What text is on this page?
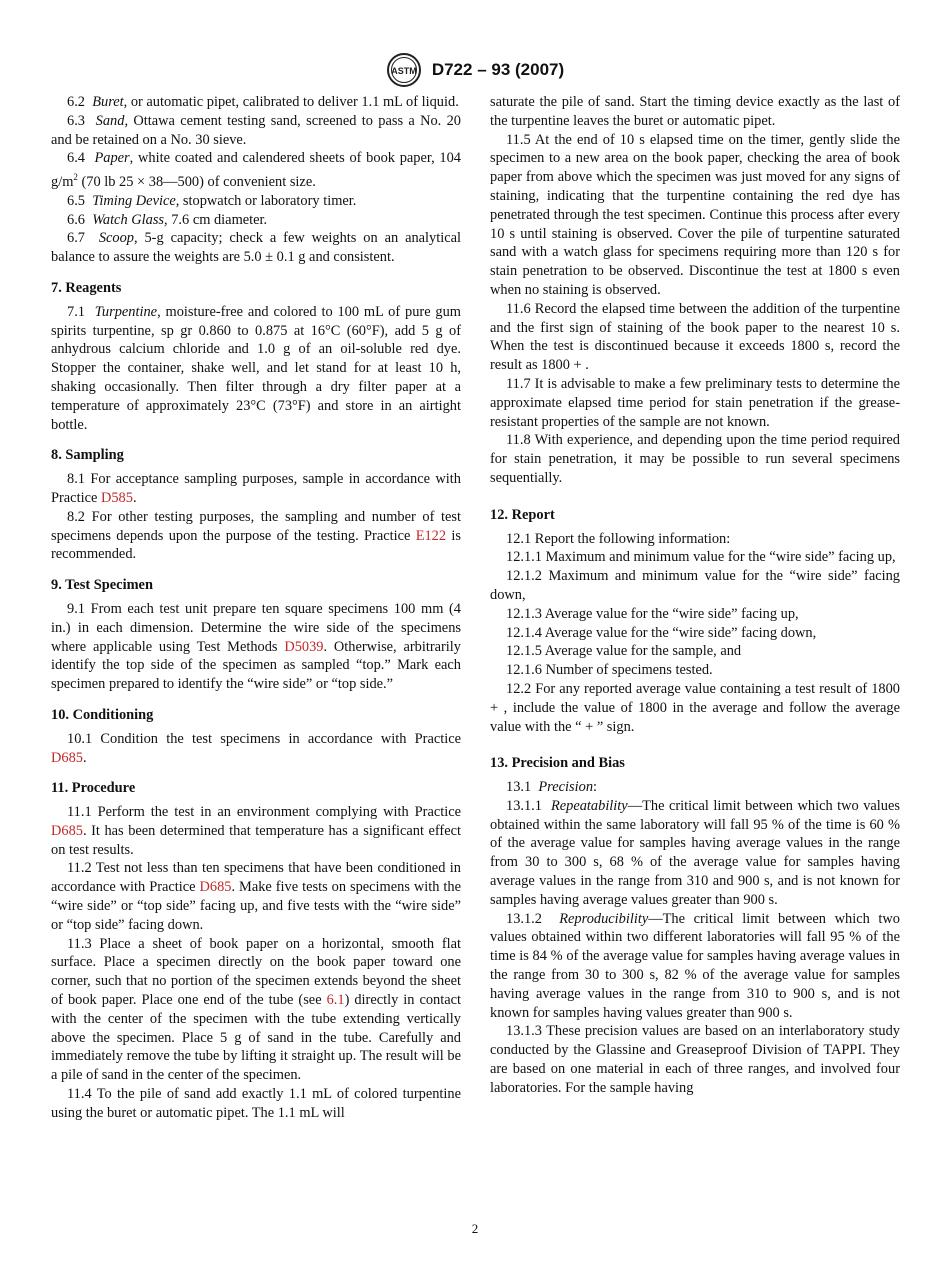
ASTM D722 – 93 (2007)

6.2 Buret, or automatic pipet, calibrated to deliver 1.1 mL of liquid.

6.3 Sand, Ottawa cement testing sand, screened to pass a No. 20 and be retained on a No. 30 sieve.

6.4 Paper, white coated and calendered sheets of book paper, 104 $g/m^2$ (70 lb 25 × 38—500) of convenient size.

6.5 Timing Device, stopwatch or laboratory timer.

6.6 Watch Glass, 7.6 cm diameter.

6.7 Scoop, 5-g capacity; check a few weights on an analytical balance to assure the weights are 5.0 ± 0.1 g and consistent.

7. Reagents

7.1 Turpentine, moisture-free and colored to 100 mL of pure gum spirits turpentine, sp gr 0.860 to 0.875 at 16°C (60°F), add 5 g of anhydrous calcium chloride and 1.0 g of an oil-soluble red dye. Stopper the container, shake well, and let stand for at least 10 h, shaking occasionally. Then filter through a dry filter paper at a temperature of approximately 23°C (73°F) and store in an airtight bottle.

8. Sampling

8.1 For acceptance sampling purposes, sample in accordance with Practice D585.

8.2 For other testing purposes, the sampling and number of test specimens depends upon the purpose of the testing. Practice E122 is recommended.

9. Test Specimen

9.1 From each test unit prepare ten square specimens 100 mm (4 in.) in each dimension. Determine the wire side of the specimens where applicable using Test Methods D5039. Otherwise, arbitrarily identify the top side of the specimen as sampled “top.” Mark each specimen prepared to identify the “wire side” or “top side.”

10. Conditioning

10.1 Condition the test specimens in accordance with Practice D685.

11. Procedure

11.1 Perform the test in an environment complying with Practice D685. It has been determined that temperature has a significant effect on test results.

11.2 Test not less than ten specimens that have been conditioned in accordance with Practice D685. Make five tests on specimens with the “wire side” or “top side” facing up, and five tests with the “wire side” or “top side” facing down.

11.3 Place a sheet of book paper on a horizontal, smooth flat surface. Place a specimen directly on the book paper toward one corner, such that no portion of the specimen extends beyond the sheet of book paper. Place one end of the tube (see 6.1) directly in contact with the center of the specimen with the tube extending vertically above the specimen. Place 5 g of sand in the tube. Carefully and immediately remove the tube by lifting it straight up. The result will be a pile of sand in the center of the specimen.

11.4 To the pile of sand add exactly 1.1 mL of colored turpentine using the buret or automatic pipet. The 1.1 mL will

saturate the pile of sand. Start the timing device exactly as the last of the turpentine leaves the buret or automatic pipet.

11.5 At the end of 10 s elapsed time on the timer, gently slide the specimen to a new area on the book paper, checking the area of book paper from above which the specimen was just moved for any signs of staining, indicating that the turpentine containing the red dye has penetrated through the test specimen. Continue this process after every 10 s until staining is observed. Cover the pile of turpentine saturated sand with a watch glass for specimens requiring more than 120 s for stain penetration to be observed. Discontinue the test at 1800 s even when no staining is observed.

11.6 Record the elapsed time between the addition of the turpentine and the first sign of staining of the book paper to the nearest 10 s. When the test is discontinued because it exceeds 1800 s, record the result as 1800 + .

11.7 It is advisable to make a few preliminary tests to determine the approximate elapsed time period for stain penetration if the grease-resistant properties of the sample are not known.

11.8 With experience, and depending upon the time period required for stain penetration, it may be possible to run several specimens sequentially.

12. Report

12.1 Report the following information:

12.1.1 Maximum and minimum value for the “wire side” facing up,

12.1.2 Maximum and minimum value for the “wire side” facing down,

12.1.3 Average value for the “wire side” facing up,

12.1.4 Average value for the “wire side” facing down,

12.1.5 Average value for the sample, and

12.1.6 Number of specimens tested.

12.2 For any reported average value containing a test result of 1800 + , include the value of 1800 in the average and follow the average value with the “ + ” sign.

13. Precision and Bias

13.1 Precision:

13.1.1 Repeatability—The critical limit between which two values obtained within the same laboratory will fall 95 % of the time is 60 % of the average value for samples having average values in the range from 30 to 300 s, 68 % of the average value for samples having average values in the range from 310 and 900 s, and is not known for samples having average values greater than 900 s.

13.1.2 Reproducibility—The critical limit between which two values obtained within two different laboratories will fall 95 % of the time is 84 % of the average value for samples having average values in the range from 30 to 300 s, 82 % of the average value for samples having average values in the range from 310 to 900 s, and is not known for samples having values greater than 900 s.

13.1.3 These precision values are based on an interlaboratory study conducted by the Glassine and Greaseproof Division of TAPPI. They are based on one material in each of three ranges, and involved four laboratories. For the sample having

2
